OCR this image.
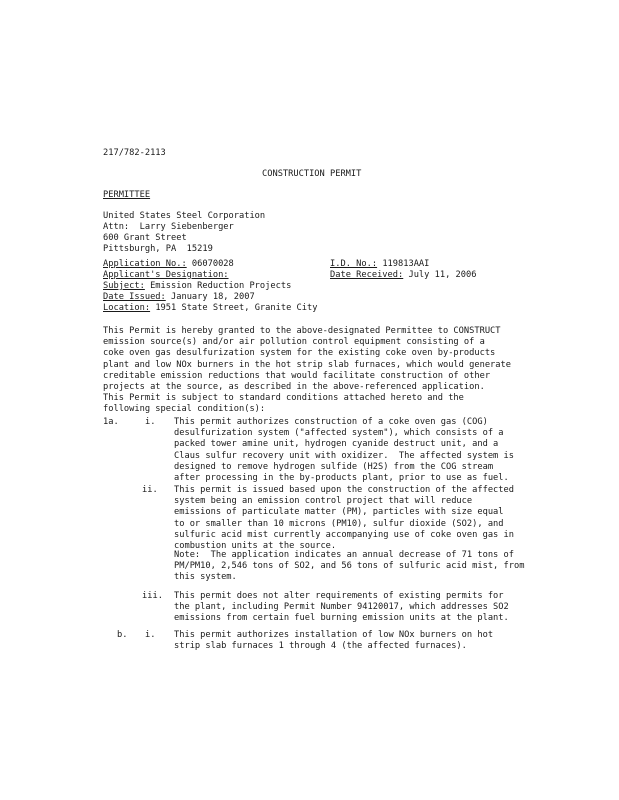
217/782-2113
CONSTRUCTION PERMIT
PERMITTEE
United States Steel Corporation
Attn:  Larry Siebenberger
600 Grant Street
Pittsburgh, PA  15219
Application No.: 06070028
Applicant's Designation:
Subject: Emission Reduction Projects
Date Issued: January 18, 2007
Location: 1951 State Street, Granite City
I.D. No.: 119813AAI
Date Received: July 11, 2006
This Permit is hereby granted to the above-designated Permittee to CONSTRUCT
emission source(s) and/or air pollution control equipment consisting of a
coke oven gas desulfurization system for the existing coke oven by-products
plant and low NOx burners in the hot strip slab furnaces, which would generate
creditable emission reductions that would facilitate construction of other
projects at the source, as described in the above-referenced application.
This Permit is subject to standard conditions attached hereto and the
following special condition(s):
1a.	i. This permit authorizes construction of a coke oven gas (COG)
desulfurization system ("affected system"), which consists of a
packed tower amine unit, hydrogen cyanide destruct unit, and a
Claus sulfur recovery unit with oxidizer.  The affected system is
designed to remove hydrogen sulfide (H2S) from the COG stream
after processing in the by-products plant, prior to use as fuel.
ii. This permit is issued based upon the construction of the affected
system being an emission control project that will reduce
emissions of particulate matter (PM), particles with size equal
to or smaller than 10 microns (PM10), sulfur dioxide (SO2), and
sulfuric acid mist currently accompanying use of coke oven gas in
combustion units at the source.
Note:  The application indicates an annual decrease of 71 tons of
PM/PM10, 2,546 tons of SO2, and 56 tons of sulfuric acid mist, from
this system.
iii. This permit does not alter requirements of existing permits for
the plant, including Permit Number 94120017, which addresses SO2
emissions from certain fuel burning emission units at the plant.
b. i. This permit authorizes installation of low NOx burners on hot
strip slab furnaces 1 through 4 (the affected furnaces).
